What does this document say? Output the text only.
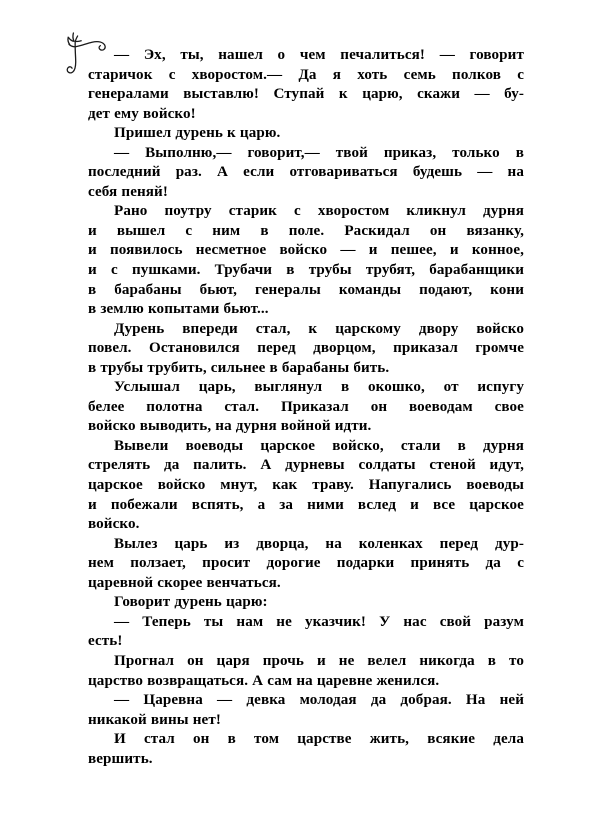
— Эх, ты, нашел о чем печалиться! — говорит
старичок с хворостом.— Да я хоть семь полков с
генералами выставлю! Ступай к царю, скажи — бу-
дет ему войско!

Пришел дурень к царю.

— Выполню,— говорит,— твой приказ, только в
последний раз. А если отговариваться будешь — на
себя пеняй!

Рано поутру старик с хворостом кликнул дурня
и вышел с ним в поле. Раскидал он вязанку,
и появилось несметное войско — и пешее, и конное,
и с пушками. Трубачи в трубы трубят, барабанщики
в барабаны бьют, генералы команды подают, кони
в землю копытами бьют...

Дурень впереди стал, к царскому двору войско
повел. Остановился перед дворцом, приказал громче
в трубы трубить, сильнее в барабаны бить.

Услышал царь, выглянул в окошко, от испугу
белее полотна стал. Приказал он воеводам свое
войско выводить, на дурня войной идти.

Вывели воеводы царское войско, стали в дурня
стрелять да палить. А дурневы солдаты стеной идут,
царское войско мнут, как траву. Напугались воеводы
и побежали вспять, а за ними вслед и все царское
войско.

Вылез царь из дворца, на коленках перед дур-
нем ползает, просит дорогие подарки принять да с
царевной скорее венчаться.

Говорит дурень царю:

— Теперь ты нам не указчик! У нас свой разум
есть!

Прогнал он царя прочь и не велел никогда в то
царство возвращаться. А сам на царевне женился.

— Царевна — девка молодая да добрая. На ней
никакой вины нет!

И стал он в том царстве жить, всякие дела
вершить.
